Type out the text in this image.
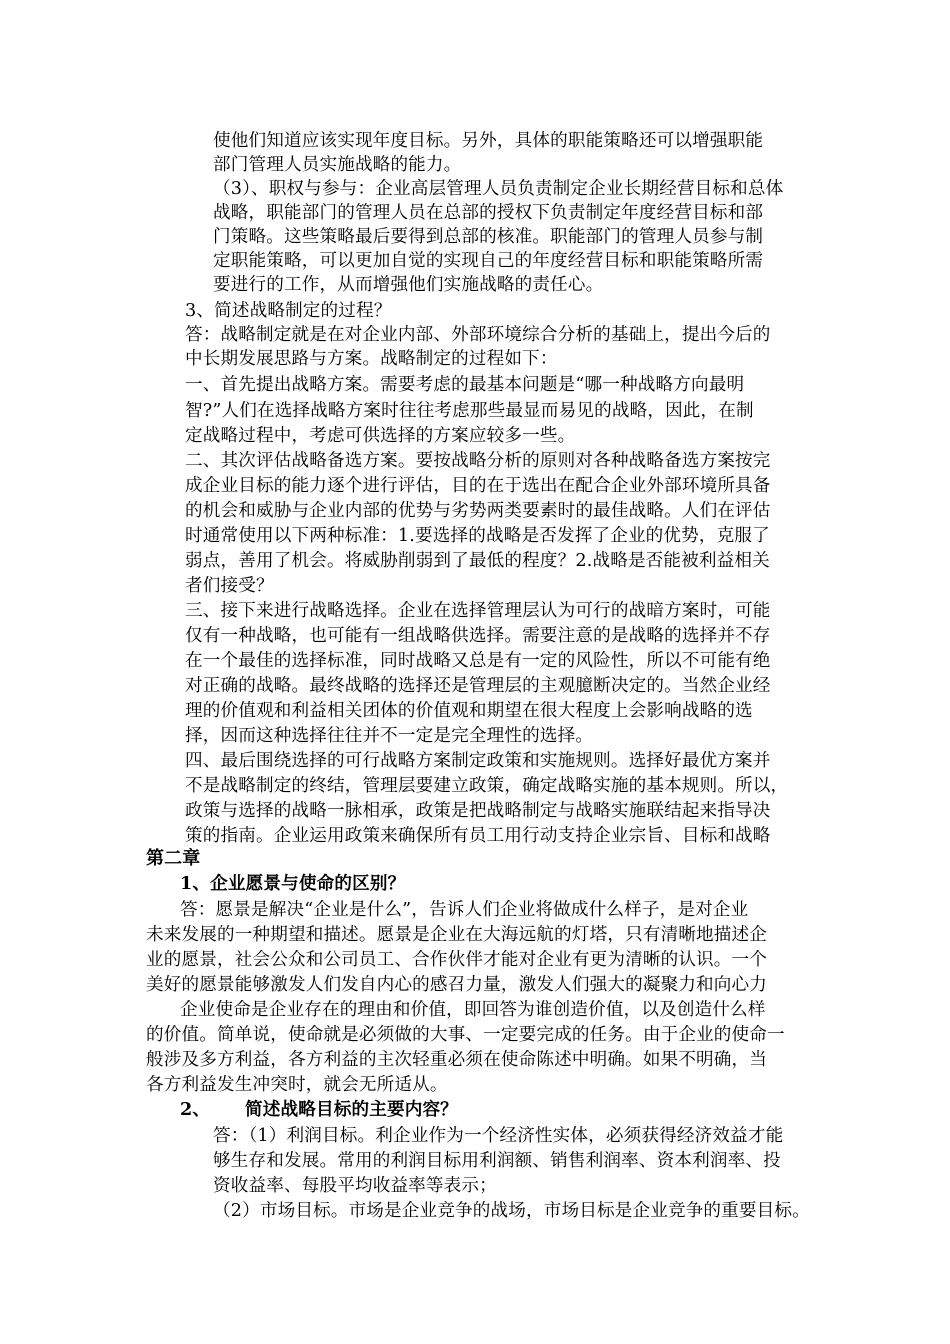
使他们知道应该实现年度目标。另外，具体的职能策略还可以增强职能
部门管理人员实施战略的能力。
（3）、职权与参与：企业高层管理人员负责制定企业长期经营目标和总体
战略，职能部门的管理人员在总部的授权下负责制定年度经营目标和部
门策略。这些策略最后要得到总部的核准。职能部门的管理人员参与制
定职能策略，可以更加自觉的实现自己的年度经营目标和职能策略所需
要进行的工作，从而增强他们实施战略的责任心。
3、简述战略制定的过程？
答：战略制定就是在对企业内部、外部环境综合分析的基础上，提出今后的
中长期发展思路与方案。战略制定的过程如下：
一、首先提出战略方案。需要考虑的最基本问题是“哪一种战略方向最明
智?”人们在选择战略方案时往往考虑那些最显而易见的战略，因此，在制
定战略过程中，考虑可供选择的方案应较多一些。
二、其次评估战略备选方案。要按战略分析的原则对各种战略备选方案按完
成企业目标的能力逐个进行评估，目的在于选出在配合企业外部环境所具备
的机会和威胁与企业内部的优势与劣势两类要素时的最佳战略。人们在评估
时通常使用以下两种标准：1.要选择的战略是否发挥了企业的优势，克服了
弱点，善用了机会。将威胁削弱到了最低的程度？2.战略是否能被利益相关
者们接受？
三、接下来进行战略选择。企业在选择管理层认为可行的战暗方案时，可能
仅有一种战略，也可能有一组战略供选择。需要注意的是战略的选择并不存
在一个最佳的选择标准，同时战略又总是有一定的风险性，所以不可能有绝
对正确的战略。最终战略的选择还是管理层的主观臆断决定的。当然企业经
理的价值观和利益相关团体的价值观和期望在很大程度上会影响战略的选
择，因而这种选择往往并不一定是完全理性的选择。
四、最后围绕选择的可行战略方案制定政策和实施规则。选择好最优方案并
不是战略制定的终结，管理层要建立政策，确定战略实施的基本规则。所以，
政策与选择的战略一脉相承，政策是把战略制定与战略实施联结起来指导决
策的指南。企业运用政策来确保所有员工用行动支持企业宗旨、目标和战略
第二章
1、企业愿景与使命的区别？
答：愿景是解决“企业是什么”，告诉人们企业将做成什么样子，是对企业
未来发展的一种期望和描述。愿景是企业在大海远航的灯塔，只有清晰地描述企
业的愿景，社会公众和公司员工、合作伙伴才能对企业有更为清晰的认识。一个
美好的愿景能够激发人们发自内心的感召力量，激发人们强大的凝聚力和向心力
企业使命是企业存在的理由和价值，即回答为谁创造价值，以及创造什么样
的价值。简单说，使命就是必须做的大事、一定要完成的任务。由于企业的使命一
般涉及多方利益，各方利益的主次轻重必须在使命陈述中明确。如果不明确，当
各方利益发生冲突时，就会无所适从。
2、 简述战略目标的主要内容？
答：（1）利润目标。利企业作为一个经济性实体，必须获得经济效益才能
够生存和发展。常用的利润目标用利润额、销售利润率、资本利润率、投
资收益率、每股平均收益率等表示；
（2）市场目标。市场是企业竞争的战场，市场目标是企业竞争的重要目标。
